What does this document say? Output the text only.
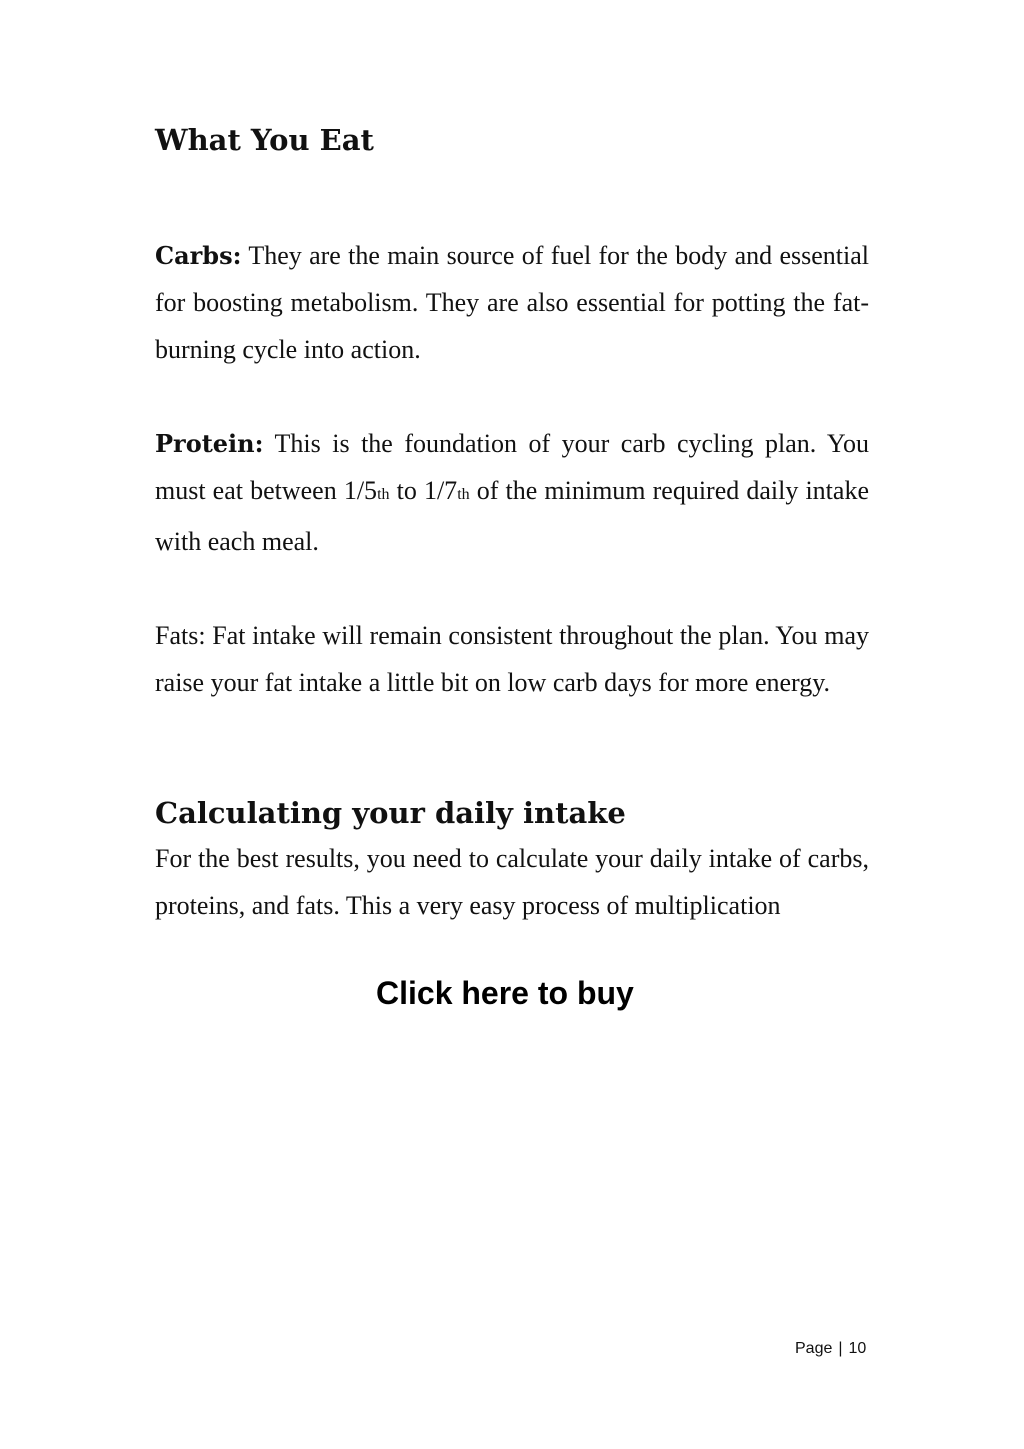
What You Eat

Carbs: They are the main source of fuel for the body and essential for boosting metabolism. They are also essential for potting the fat-burning cycle into action.

Protein: This is the foundation of your carb cycling plan. You must eat between 1/5th to 1/7th of the minimum required daily intake with each meal.

Fats: Fat intake will remain consistent throughout the plan. You may raise your fat intake a little bit on low carb days for more energy.

Calculating your daily intake

For the best results, you need to calculate your daily intake of carbs, proteins, and fats. This a very easy process of multiplication

Click here to buy
Page | 10
